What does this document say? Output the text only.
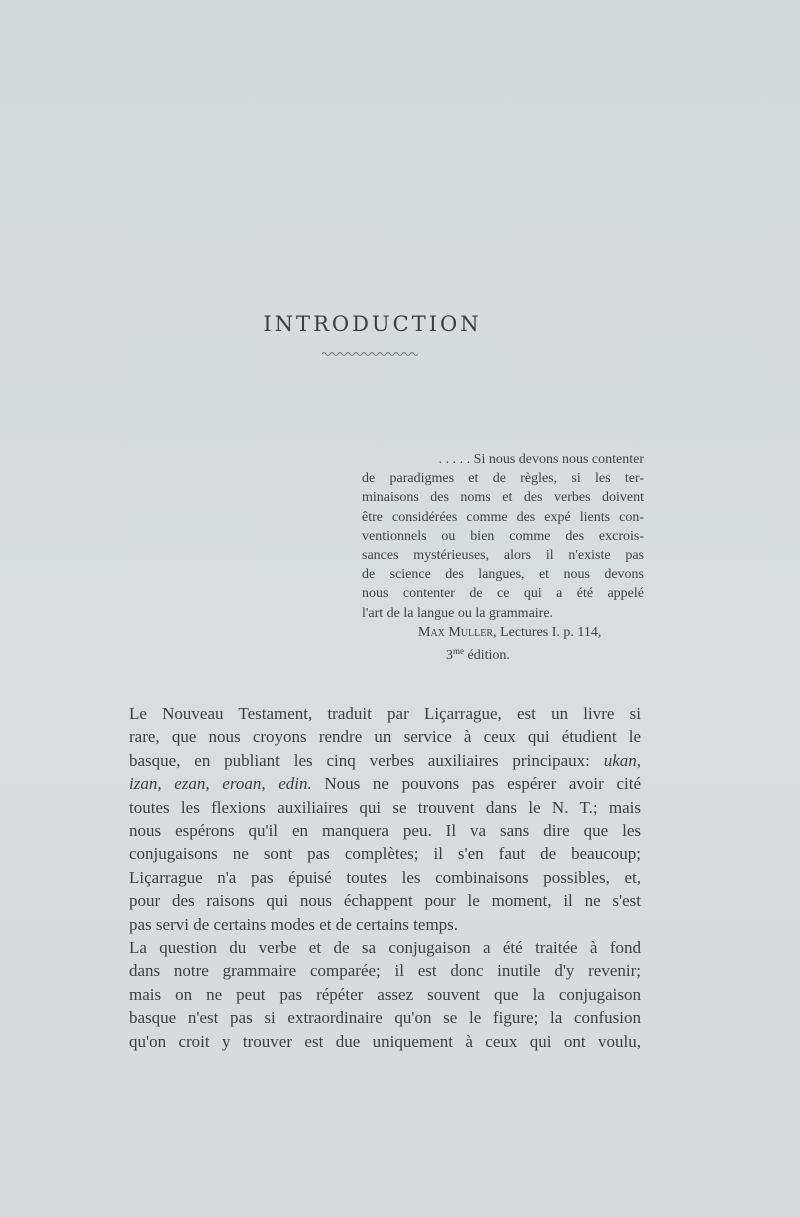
INTRODUCTION
. . . . . Si nous devons nous contenter
de paradigmes et de règles, si les ter-
minaisons des noms et des verbes doivent
être considérées comme des expé lients con-
ventionnels ou bien comme des excrois-
sances mystérieuses, alors il n'existe pas
de science des langues, et nous devons
nous contenter de ce qui a été appelé
l'art de la langue ou la grammaire.
Max Muller, Lectures I. p. 114,
$3^{me}$ édition.
Le Nouveau Testament, traduit par Liçarrague, est un livre si
rare, que nous croyons rendre un service à ceux qui étudient le
basque, en publiant les cinq verbes auxiliaires principaux: ukan,
izan, ezan, eroan, edin. Nous ne pouvons pas espérer avoir cité
toutes les flexions auxiliaires qui se trouvent dans le N. T.; mais
nous espérons qu'il en manquera peu. Il va sans dire que les
conjugaisons ne sont pas complètes; il s'en faut de beaucoup;
Liçarrague n'a pas épuisé toutes les combinaisons possibles, et,
pour des raisons qui nous échappent pour le moment, il ne s'est
pas servi de certains modes et de certains temps.
La question du verbe et de sa conjugaison a été traitée à fond
dans notre grammaire comparée; il est donc inutile d'y revenir;
mais on ne peut pas répéter assez souvent que la conjugaison
basque n'est pas si extraordinaire qu'on se le figure; la confusion
qu'on croit y trouver est due uniquement à ceux qui ont voulu,
